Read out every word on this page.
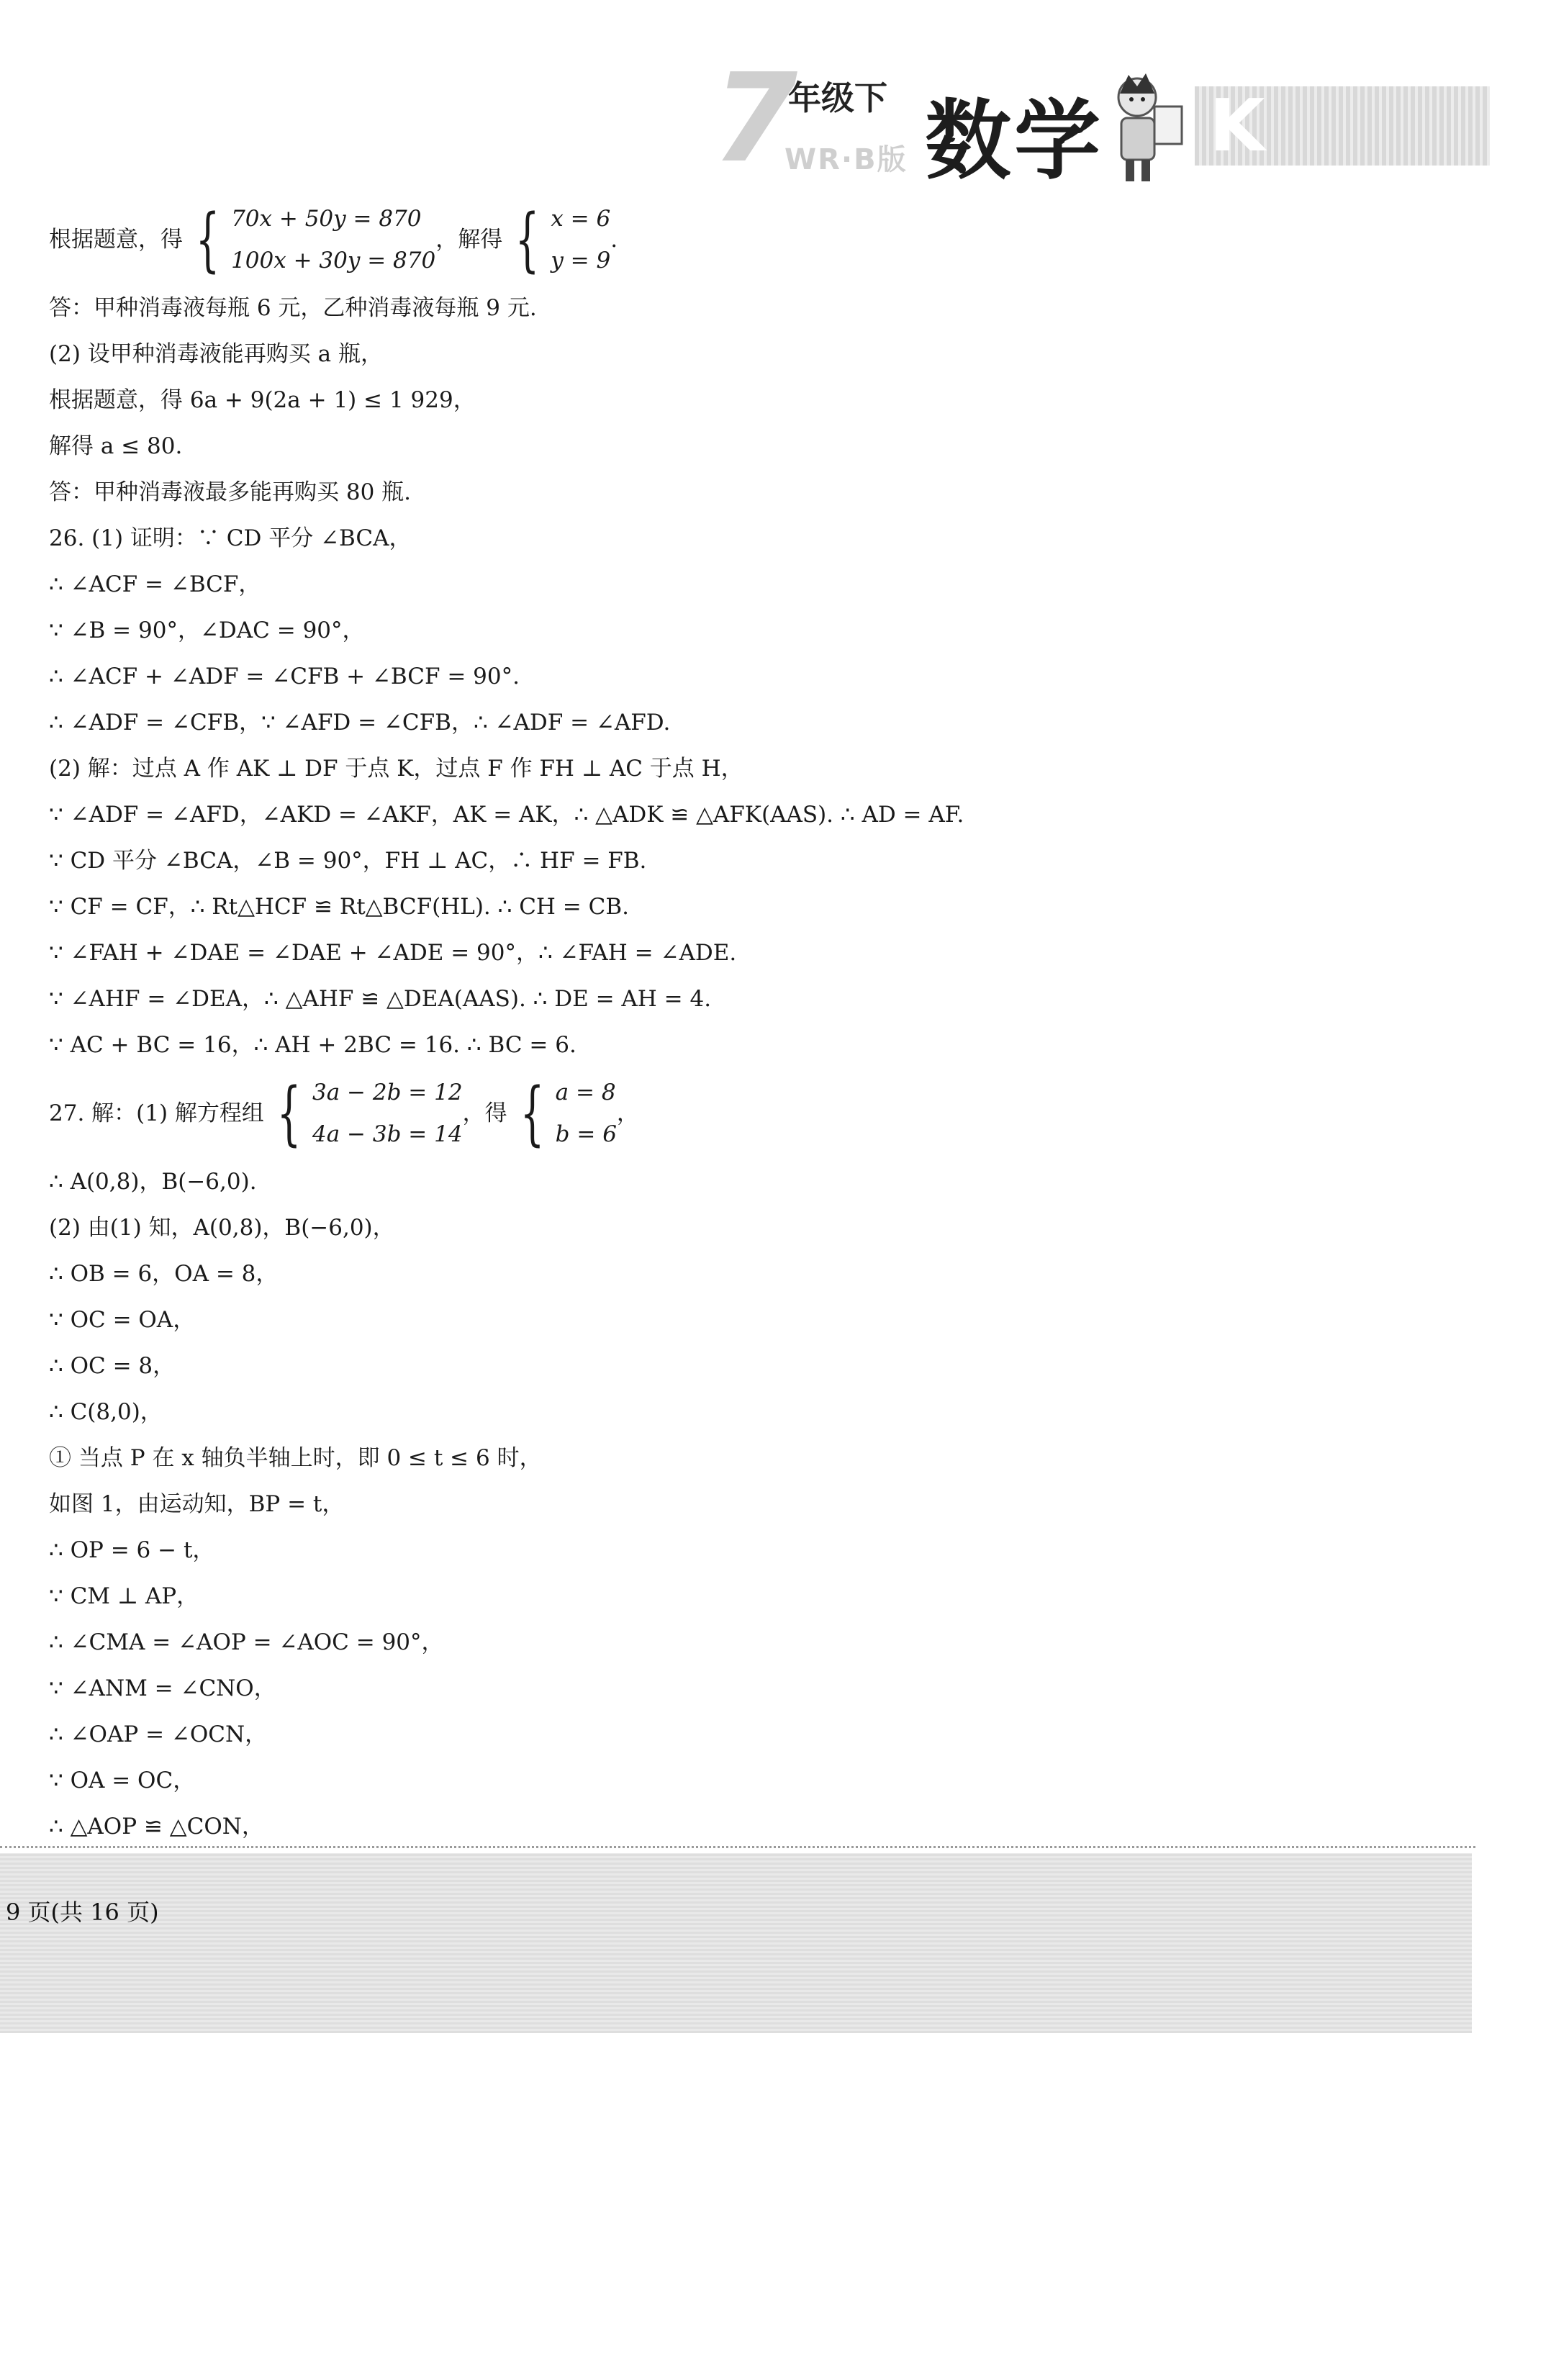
7
年级下
WR·B版 数学 K
根据题意，得 { 70x + 50y = 870
100x + 30y = 870
，解得 { x = 6
y = 9
.
答：甲种消毒液每瓶 6 元，乙种消毒液每瓶 9 元.
(2) 设甲种消毒液能再购买 a 瓶，
根据题意，得 6a + 9(2a + 1) ≤ 1 929，
解得 a ≤ 80.
答：甲种消毒液最多能再购买 80 瓶.
26. (1) 证明：∵ CD 平分 ∠BCA，
∴ ∠ACF = ∠BCF，
∵ ∠B = 90°，∠DAC = 90°，
∴ ∠ACF + ∠ADF = ∠CFB + ∠BCF = 90°.
∴ ∠ADF = ∠CFB，∵ ∠AFD = ∠CFB，∴ ∠ADF = ∠AFD.
(2) 解：过点 A 作 AK ⊥ DF 于点 K，过点 F 作 FH ⊥ AC 于点 H，
∵ ∠ADF = ∠AFD，∠AKD = ∠AKF，AK = AK，∴ △ADK ≌ △AFK(AAS). ∴ AD = AF.
∵ CD 平分 ∠BCA，∠B = 90°，FH ⊥ AC，∴ HF = FB.
∵ CF = CF，∴ Rt△HCF ≌ Rt△BCF(HL). ∴ CH = CB.
∵ ∠FAH + ∠DAE = ∠DAE + ∠ADE = 90°，∴ ∠FAH = ∠ADE.
∵ ∠AHF = ∠DEA，∴ △AHF ≌ △DEA(AAS). ∴ DE = AH = 4.
∵ AC + BC = 16，∴ AH + 2BC = 16. ∴ BC = 6.
27. 解：(1) 解方程组 { 3a − 2b = 12
4a − 3b = 14
，得 { a = 8
b = 6
，
∴ A(0,8)，B(−6,0).
(2) 由(1) 知，A(0,8)，B(−6,0)，
∴ OB = 6，OA = 8，
∵ OC = OA，
∴ OC = 8，
∴ C(8,0)，
① 当点 P 在 x 轴负半轴上时，即 0 ≤ t ≤ 6 时，
如图 1，由运动知，BP = t，
∴ OP = 6 − t，
∵ CM ⊥ AP，
∴ ∠CMA = ∠AOP = ∠AOC = 90°，
∵ ∠ANM = ∠CNO，
∴ ∠OAP = ∠OCN，
∵ OA = OC，
∴ △AOP ≌ △CON，
9 页(共 16 页)
